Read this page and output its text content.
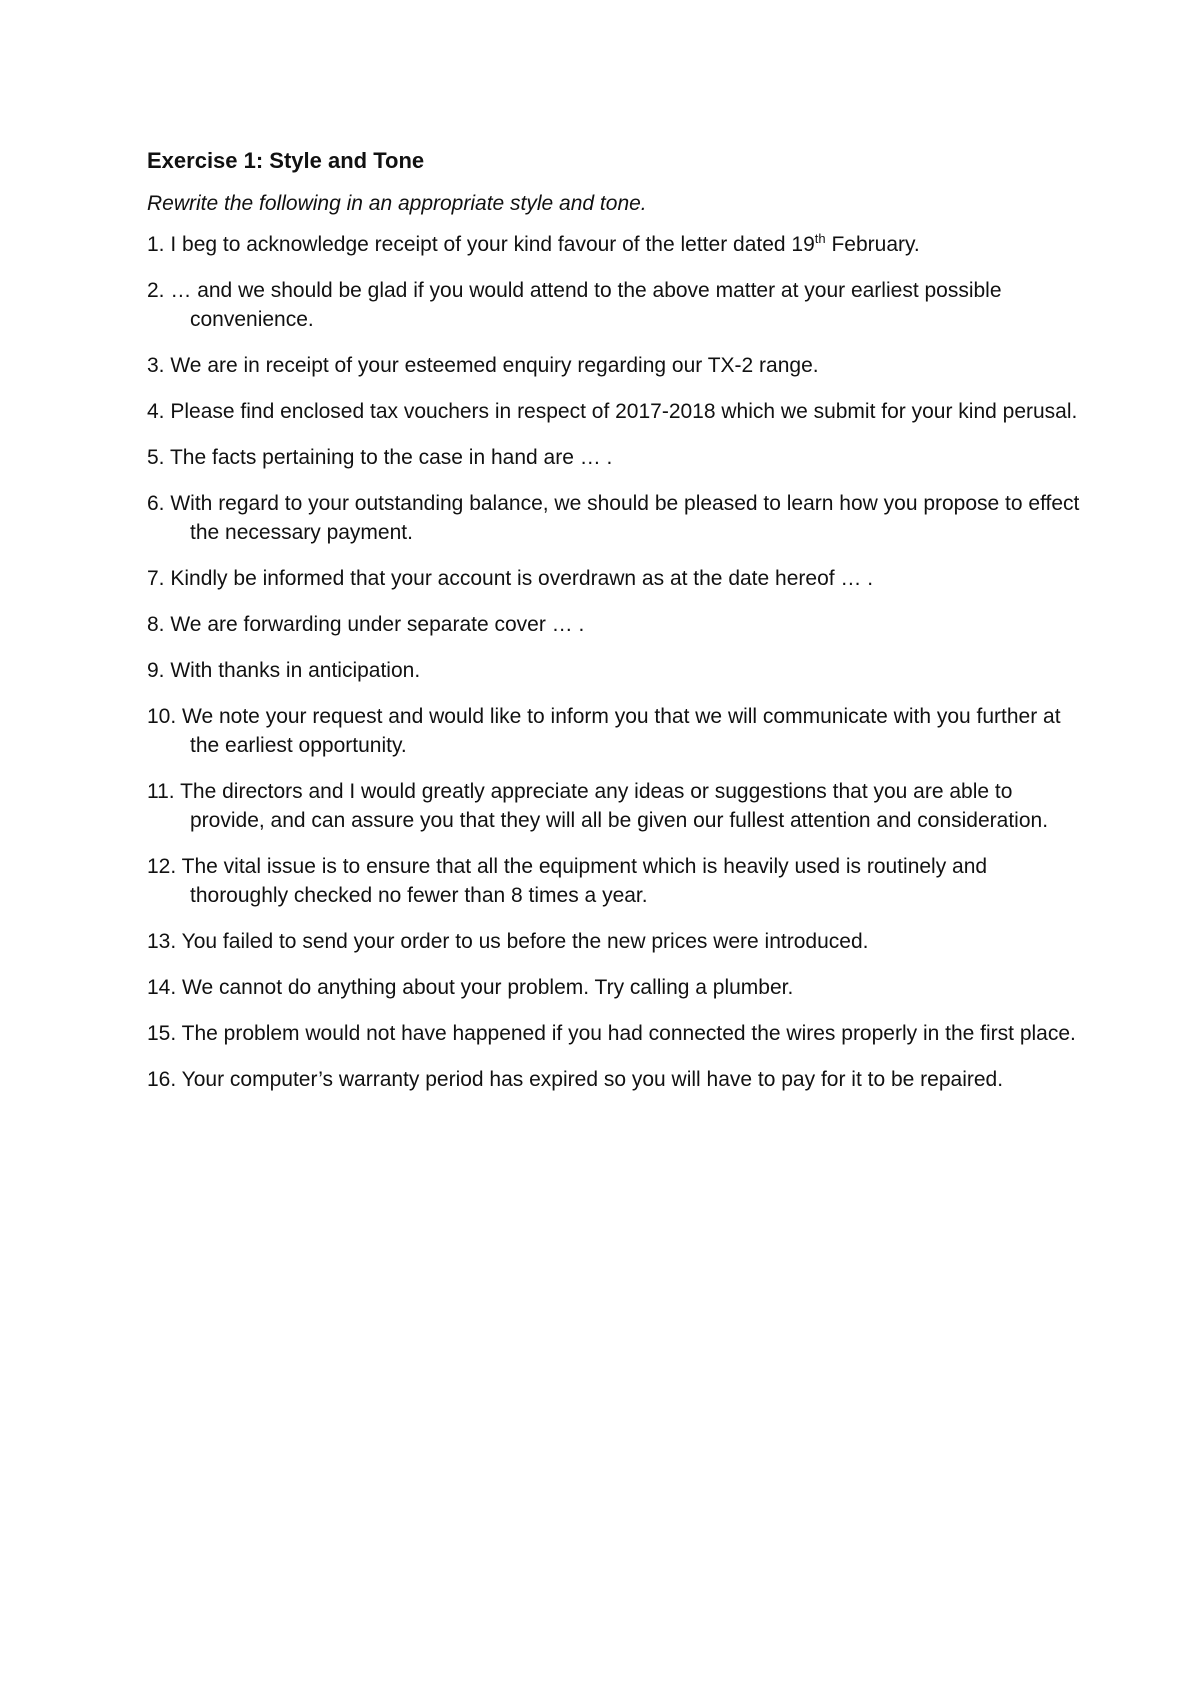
Exercise 1: Style and Tone
Rewrite the following in an appropriate style and tone.
1. I beg to acknowledge receipt of your kind favour of the letter dated 19th February.
2. … and we should be glad if you would attend to the above matter at your earliest possible convenience.
3. We are in receipt of your esteemed enquiry regarding our TX-2 range.
4. Please find enclosed tax vouchers in respect of 2017-2018 which we submit for your kind perusal.
5. The facts pertaining to the case in hand are … .
6. With regard to your outstanding balance, we should be pleased to learn how you propose to effect the necessary payment.
7. Kindly be informed that your account is overdrawn as at the date hereof … .
8. We are forwarding under separate cover … .
9. With thanks in anticipation.
10. We note your request and would like to inform you that we will communicate with you further at the earliest opportunity.
11. The directors and I would greatly appreciate any ideas or suggestions that you are able to provide, and can assure you that they will all be given our fullest attention and consideration.
12. The vital issue is to ensure that all the equipment which is heavily used is routinely and thoroughly checked no fewer than 8 times a year.
13. You failed to send your order to us before the new prices were introduced.
14. We cannot do anything about your problem. Try calling a plumber.
15. The problem would not have happened if you had connected the wires properly in the first place.
16. Your computer’s warranty period has expired so you will have to pay for it to be repaired.
